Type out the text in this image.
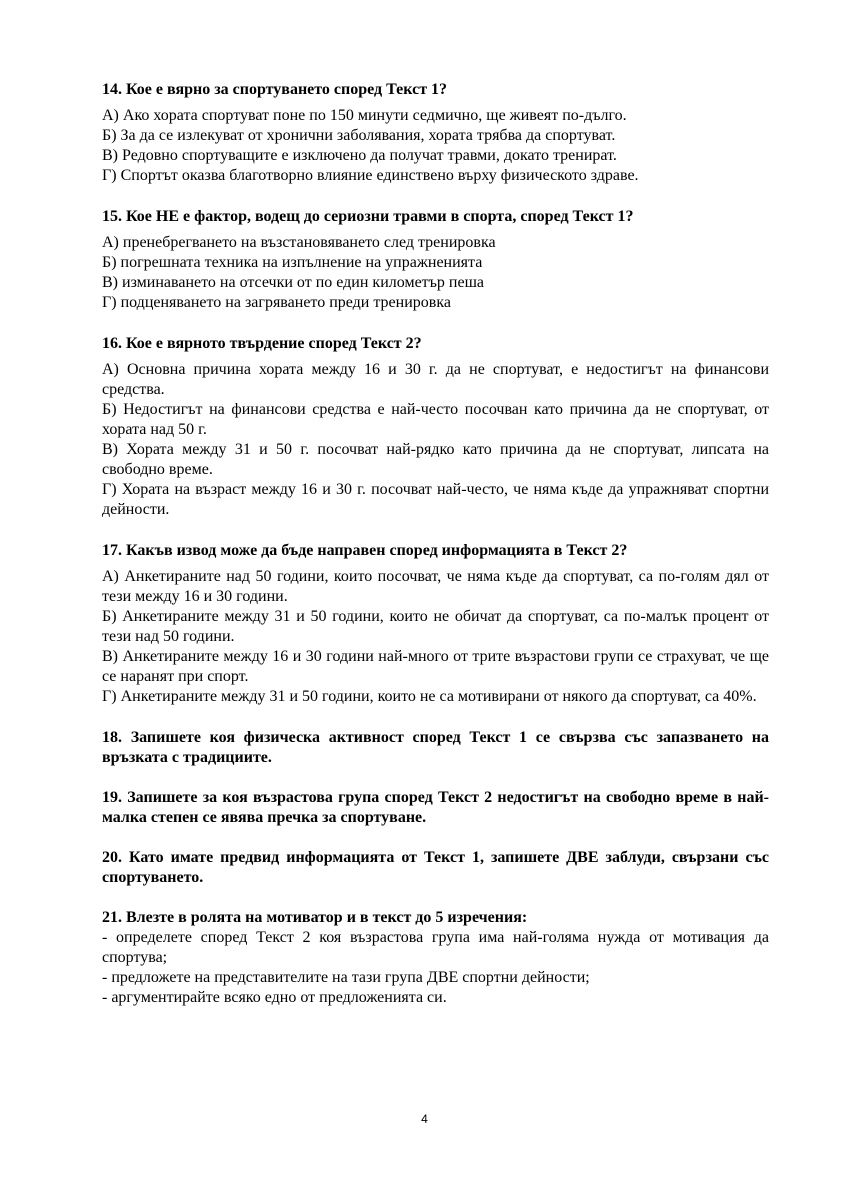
14. Кое е вярно за спортуването според Текст 1?

А) Ако хората спортуват поне по 150 минути седмично, ще живеят по-дълго.

Б) За да се излекуват от хронични заболявания, хората трябва да спортуват.

В) Редовно спортуващите е изключено да получат травми, докато тренират.

Г) Спортът оказва благотворно влияние единствено върху физическото здраве.

15. Кое НЕ е фактор, водещ до сериозни травми в спорта, според Текст 1?

А) пренебрегването на възстановяването след тренировка

Б) погрешната техника на изпълнение на упражненията

В) изминаването на отсечки от по един километър пеша

Г) подценяването на загряването преди тренировка

16. Кое е вярното твърдение според Текст 2?

А) Основна причина хората между 16 и 30 г. да не спортуват, е недостигът на финансови средства.

Б) Недостигът на финансови средства е най-често посочван като причина да не спортуват, от хората над 50 г.

В) Хората между 31 и 50 г. посочват най-рядко като причина да не спортуват, липсата на свободно време.

Г) Хората на възраст между 16 и 30 г. посочват най-често, че няма къде да упражняват спортни дейности.

17. Какъв извод може да бъде направен според информацията в Текст 2?

А) Анкетираните над 50 години, които посочват, че няма къде да спортуват, са по-голям дял от тези между 16 и 30 години.

Б) Анкетираните между 31 и 50 години, които не обичат да спортуват, са по-малък процент от тези над 50 години.

В) Анкетираните между 16 и 30 години най-много от трите възрастови групи се страхуват, че ще се наранят при спорт.

Г) Анкетираните между 31 и 50 години, които не са мотивирани от някого да спортуват, са 40%.

18. Запишете коя физическа активност според Текст 1 се свързва със запазването на връзката с традициите.

19. Запишете за коя възрастова група според Текст 2 недостигът на свободно време в най-малка степен се явява пречка за спортуване.

20. Като имате предвид информацията от Текст 1, запишете ДВЕ заблуди, свързани със спортуването.

21. Влезте в ролята на мотиватор и в текст до 5 изречения:

- определете според Текст 2 коя възрастова група има най-голяма нужда от мотивация да спортува;

- предложете на представителите на тази група ДВЕ спортни дейности;

- аргументирайте всяко едно от предложенията си.

4
